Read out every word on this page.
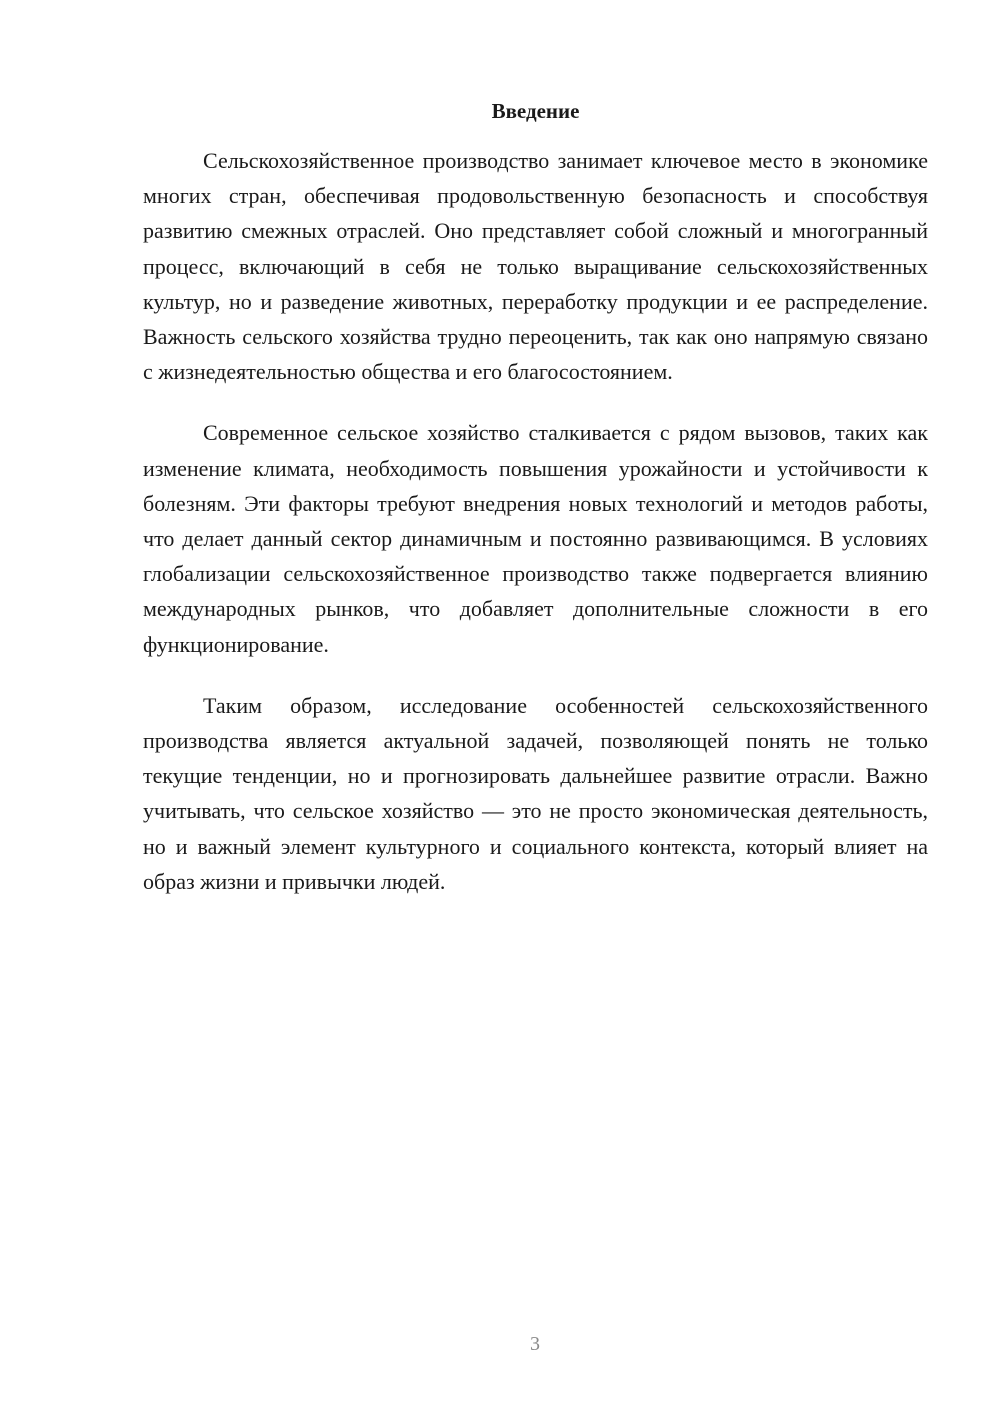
Введение

Сельскохозяйственное производство занимает ключевое место в экономике многих стран, обеспечивая продовольственную безопасность и способствуя развитию смежных отраслей. Оно представляет собой сложный и многогранный процесс, включающий в себя не только выращивание сельскохозяйственных культур, но и разведение животных, переработку продукции и ее распределение. Важность сельского хозяйства трудно переоценить, так как оно напрямую связано с жизнедеятельностью общества и его благосостоянием.

Современное сельское хозяйство сталкивается с рядом вызовов, таких как изменение климата, необходимость повышения урожайности и устойчивости к болезням. Эти факторы требуют внедрения новых технологий и методов работы, что делает данный сектор динамичным и постоянно развивающимся. В условиях глобализации сельскохозяйственное производство также подвергается влиянию международных рынков, что добавляет дополнительные сложности в его функционирование.

Таким образом, исследование особенностей сельскохозяйственного производства является актуальной задачей, позволяющей понять не только текущие тенденции, но и прогнозировать дальнейшее развитие отрасли. Важно учитывать, что сельское хозяйство — это не просто экономическая деятельность, но и важный элемент культурного и социального контекста, который влияет на образ жизни и привычки людей.

3
